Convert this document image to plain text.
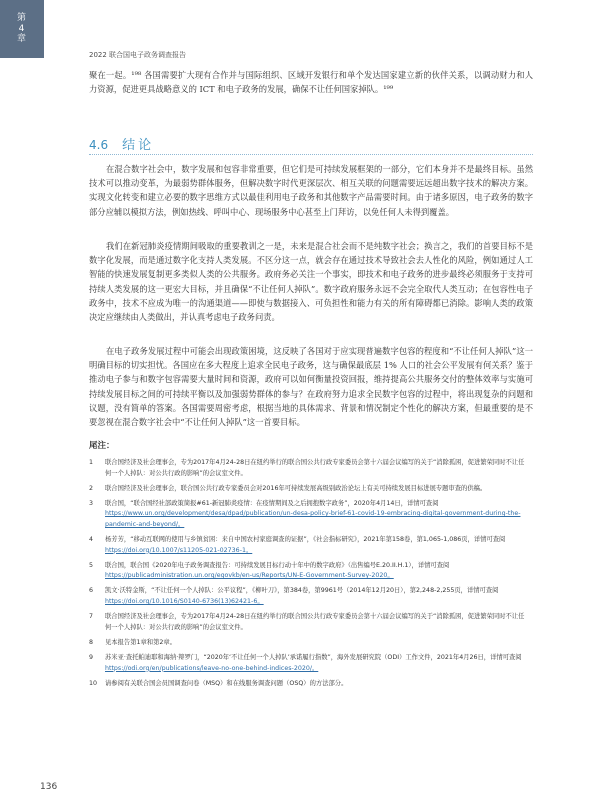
第
4
章
2022 联合国电子政务调查报告

聚在一起。¹⁹⁸ 各国需要扩大现有合作并与国际组织、区域开发银行和单个发达国家建立新的伙伴关系，以调动财力和人力资源，促进更具战略意义的 ICT 和电子政务的发展，确保不让任何国家掉队。¹⁹⁹

4.6 结论

在混合数字社会中，数字发展和包容非常重要，但它们是可持续发展框架的一部分，它们本身并不是最终目标。虽然技术可以推动变革，为最弱势群体服务，但解决数字时代更深层次、相互关联的问题需要远远超出数字技术的解决方案。实现文化转变和建立必要的数字思维方式以最佳利用电子政务和其他数字产品需要时间。由于诸多原因，电子政务的数字部分应辅以模拟方法，例如热线、呼叫中心、现场服务中心甚至上门拜访，以免任何人未得到覆盖。

我们在新冠肺炎疫情期间吸取的重要教训之一是，未来是混合社会而不是纯数字社会；换言之，我们的首要目标不是数字化发展，而是通过数字化支持人类发展。不区分这一点，就会存在通过技术导致社会去人性化的风险，例如通过人工智能的快速发展复制更多类似人类的公共服务。政府务必关注一个事实，即技术和电子政务的进步最终必须服务于支持可持续人类发展的这一更宏大目标，并且确保“不让任何人掉队”。数字政府服务永远不会完全取代人类互动；在包容性电子政务中，技术不应成为唯一的沟通渠道——即使与数据接入、可负担性和能力有关的所有障碍都已消除。影响人类的政策决定应继续由人类做出，并认真考虑电子政务问责。

在电子政务发展过程中可能会出现政策困境，这反映了各国对于应实现普遍数字包容的程度和“不让任何人掉队”这一明确目标的切实担忧。各国应在多大程度上追求全民电子政务，这与确保最底层 1% 人口的社会公平发展有何关系？鉴于推动电子参与和数字包容需要大量时间和资源，政府可以如何衡量投资回报，维持提高公共服务交付的整体效率与实施可持续发展目标之间的可持续平衡以及加强弱势群体的参与？在政府努力追求全民数字包容的过程中，将出现复杂的问题和议题，没有简单的答案。各国需要周密考虑，根据当地的具体需求、背景和情况制定个性化的解决方案，但最重要的是不要忽视在混合数字社会中“不让任何人掉队”这一首要目标。

尾注：
1	联合国经济及社会理事会，专为2017年4月24-28日在纽约举行的联合国公共行政专家委员会第十六届会议编写的关于“消除孤困，促进繁荣同时不让任何一个人掉队：对公共行政的影响”的会议室文件。
2	联合国经济及社会理事会，联合国公共行政专家委员会对2016年可持续发展高级别政治论坛上有关可持续发展目标进展专题审查的供稿。
3	联合国，“联合国经社部政策简报#61-新冠肺炎疫情：在疫情期间及之后拥抱数字政务”，2020年4月14日，详情可查阅https://www.un.org/development/desa/dpad/publication/un-desa-policy-brief-61-covid-19-embracing-digital-government-during-the-pandemic-and-beyond/。
4	杨芳芳，“移动互联网的使用与乡镇贫困：来自中国农村家庭调查的证据”，《社会指标研究》，2021年第158卷，第1,065-1,086页，详情可查阅https://doi.org/10.1007/s11205-021-02736-1。
5	联合国，联合国《2020年电子政务调查报告：可持续发展目标行动十年中的数字政府》（出售编号E.20.II.H.1），详情可查阅https://publicadministration.un.org/egovkb/en-us/Reports/UN-E-Government-Survey-2020。
6	凯文·沃特金斯，“不让任何一个人掉队：公平议程”，《柳叶刀》，第384卷，第9961号（2014年12月20日），第2,248-2,255页，详情可查阅https://doi.org/10.1016/S0140-6736(13)62421-6。
7	联合国经济及社会理事会，专为2017年4月24-28日在纽约举行的联合国公共行政专家委员会第十六届会议编写的关于“消除孤困，促进繁荣同时不让任何一个人掉队：对公共行政的影响”的会议室文件。
8	见本报告第1章和第2章。
9	苏米亚·查托帕迪耶和海纳·辩罗门，“2020年‘不让任何一个人掉队’承诺履行指数”，海外发展研究院（ODI）工作文件，2021年4月26日，详情可查阅https://odi.org/en/publications/leave-no-one-behind-indices-2020/。
10	请参阅有关联合国会员国调查问卷（MSQ）和在线服务调查问题（OSQ）的方法部分。
136
